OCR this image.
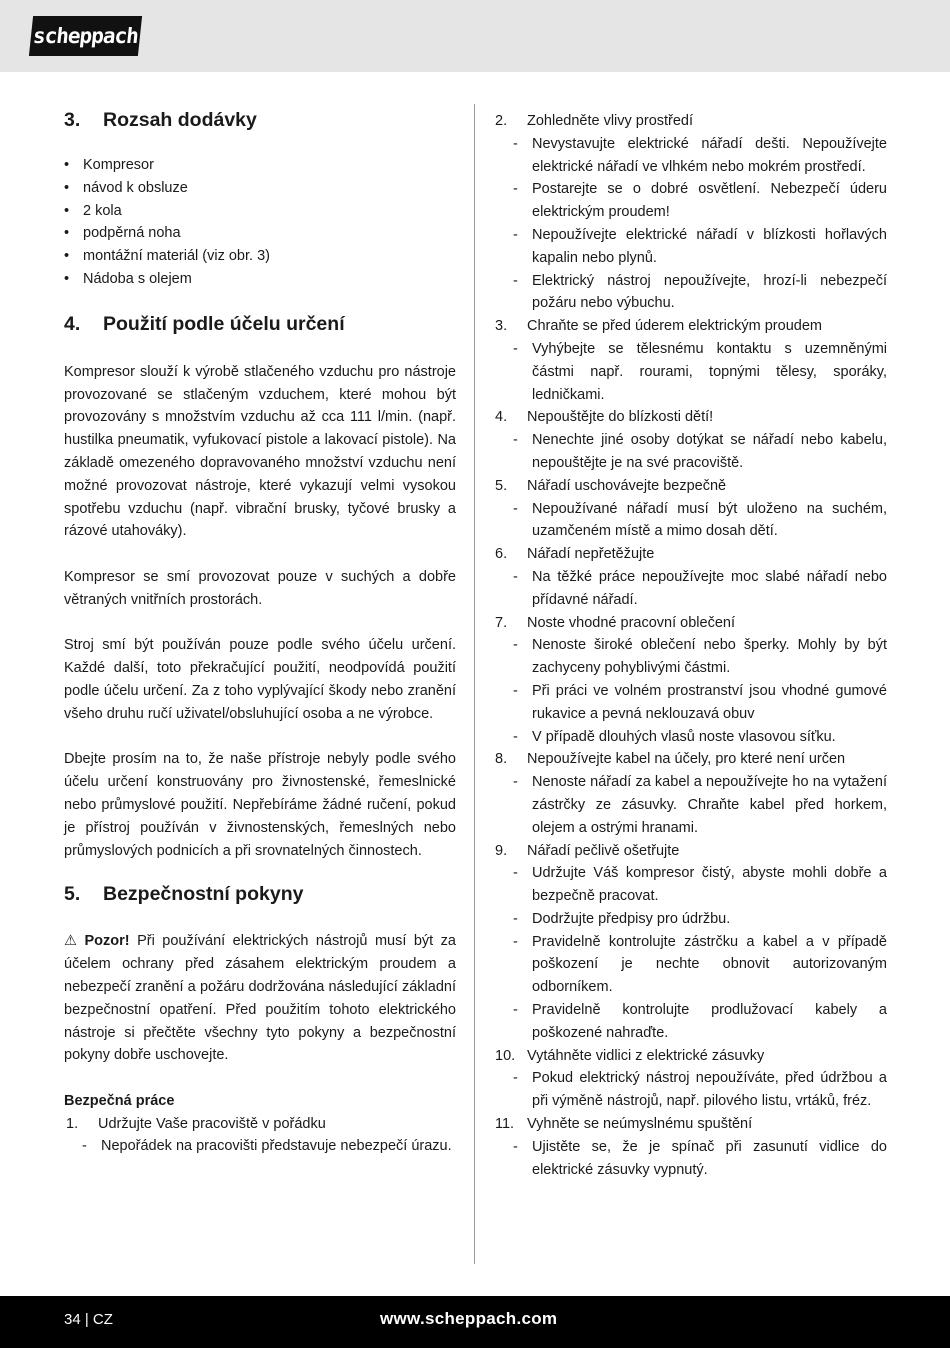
scheppach
3.	Rozsah dodávky
• Kompresor
• návod k obsluze
• 2 kola
• podpěrná noha
• montážní materiál (viz obr. 3)
• Nádoba s olejem
4.	Použití podle účelu určení

Kompresor slouží k výrobě stlačeného vzduchu pro nástroje provozované se stlačeným vzduchem, které mohou být provozovány s množstvím vzduchu až cca 111 l/min. (např. hustilka pneumatik, vyfukovací pistole a lakovací pistole). Na základě omezeného dopravovaného množství vzduchu není možné provozovat nástroje, které vykazují velmi vysokou spotřebu vzduchu (např. vibrační brusky, tyčové brusky a rázové utahováky).

Kompresor se smí provozovat pouze v suchých a dobře větraných vnitřních prostorách.

Stroj smí být používán pouze podle svého účelu určení. Každé další, toto překračující použití, neodpovídá použití podle účelu určení. Za z toho vyplývající škody nebo zranění všeho druhu ručí uživatel/obsluhující osoba a ne výrobce.

Dbejte prosím na to, že naše přístroje nebyly podle svého účelu určení konstruovány pro živnostenské, řemeslnické nebo průmyslové použití. Nepřebíráme žádné ručení, pokud je přístroj používán v živnostenských, řemeslných nebo průmyslových podnicích a při srovnatelných činnostech.

5.	Bezpečnostní pokyny

⚠ Pozor! Při používání elektrických nástrojů musí být za účelem ochrany před zásahem elektrickým proudem a nebezpečí zranění a požáru dodržována následující základní bezpečnostní opatření. Před použitím tohoto elektrického nástroje si přečtěte všechny tyto pokyny a bezpečnostní pokyny dobře uschovejte.

Bezpečná práce
1.	Udržujte Vaše pracoviště v pořádku
- Nepořádek na pracovišti představuje nebezpečí úrazu.
2.	Zohledněte vlivy prostředí
- Nevystavujte elektrické nářadí dešti. Nepoužívejte elektrické nářadí ve vlhkém nebo mokrém prostředí.
- Postarejte se o dobré osvětlení. Nebezpečí úderu elektrickým proudem!
- Nepoužívejte elektrické nářadí v blízkosti hořlavých kapalin nebo plynů.
- Elektrický nástroj nepoužívejte, hrozí-li nebezpečí požáru nebo výbuchu.
3.	Chraňte se před úderem elektrickým proudem
- Vyhýbejte se tělesnému kontaktu s uzemněnými částmi např. rourami, topnými tělesy, sporáky, ledničkami.
4.	Nepouštějte do blízkosti dětí!
- Nenechte jiné osoby dotýkat se nářadí nebo kabelu, nepouštějte je na své pracoviště.
5.	Nářadí uschovávejte bezpečně
- Nepoužívané nářadí musí být uloženo na suchém, uzamčeném místě a mimo dosah dětí.
6.	Nářadí nepřetěžujte
- Na těžké práce nepoužívejte moc slabé nářadí nebo přídavné nářadí.
7.	Noste vhodné pracovní oblečení
- Nenoste široké oblečení nebo šperky. Mohly by být zachyceny pohyblivými částmi.
- Při práci ve volném prostranství jsou vhodné gumové rukavice a pevná neklouzavá obuv
- V případě dlouhých vlasů noste vlasovou síťku.
8.	Nepoužívejte kabel na účely, pro které není určen
- Nenoste nářadí za kabel a nepoužívejte ho na vytažení zástrčky ze zásuvky. Chraňte kabel před horkem, olejem a ostrými hranami.
9.	Nářadí pečlivě ošetřujte
- Udržujte Váš kompresor čistý, abyste mohli dobře a bezpečně pracovat.
- Dodržujte předpisy pro údržbu.
- Pravidelně kontrolujte zástrčku a kabel a v případě poškození je nechte obnovit autorizovaným odborníkem.
- Pravidelně kontrolujte prodlužovací kabely a poškozené nahraďte.
10. Vytáhněte vidlici z elektrické zásuvky
- Pokud elektrický nástroj nepoužíváte, před údržbou a při výměně nástrojů, např. pilového listu, vrtáků, fréz.
11. Vyhněte se neúmyslnému spuštění
- Ujistěte se, že je spínač při zasunutí vidlice do elektrické zásuvky vypnutý.
34 | CZ	www.scheppach.com
